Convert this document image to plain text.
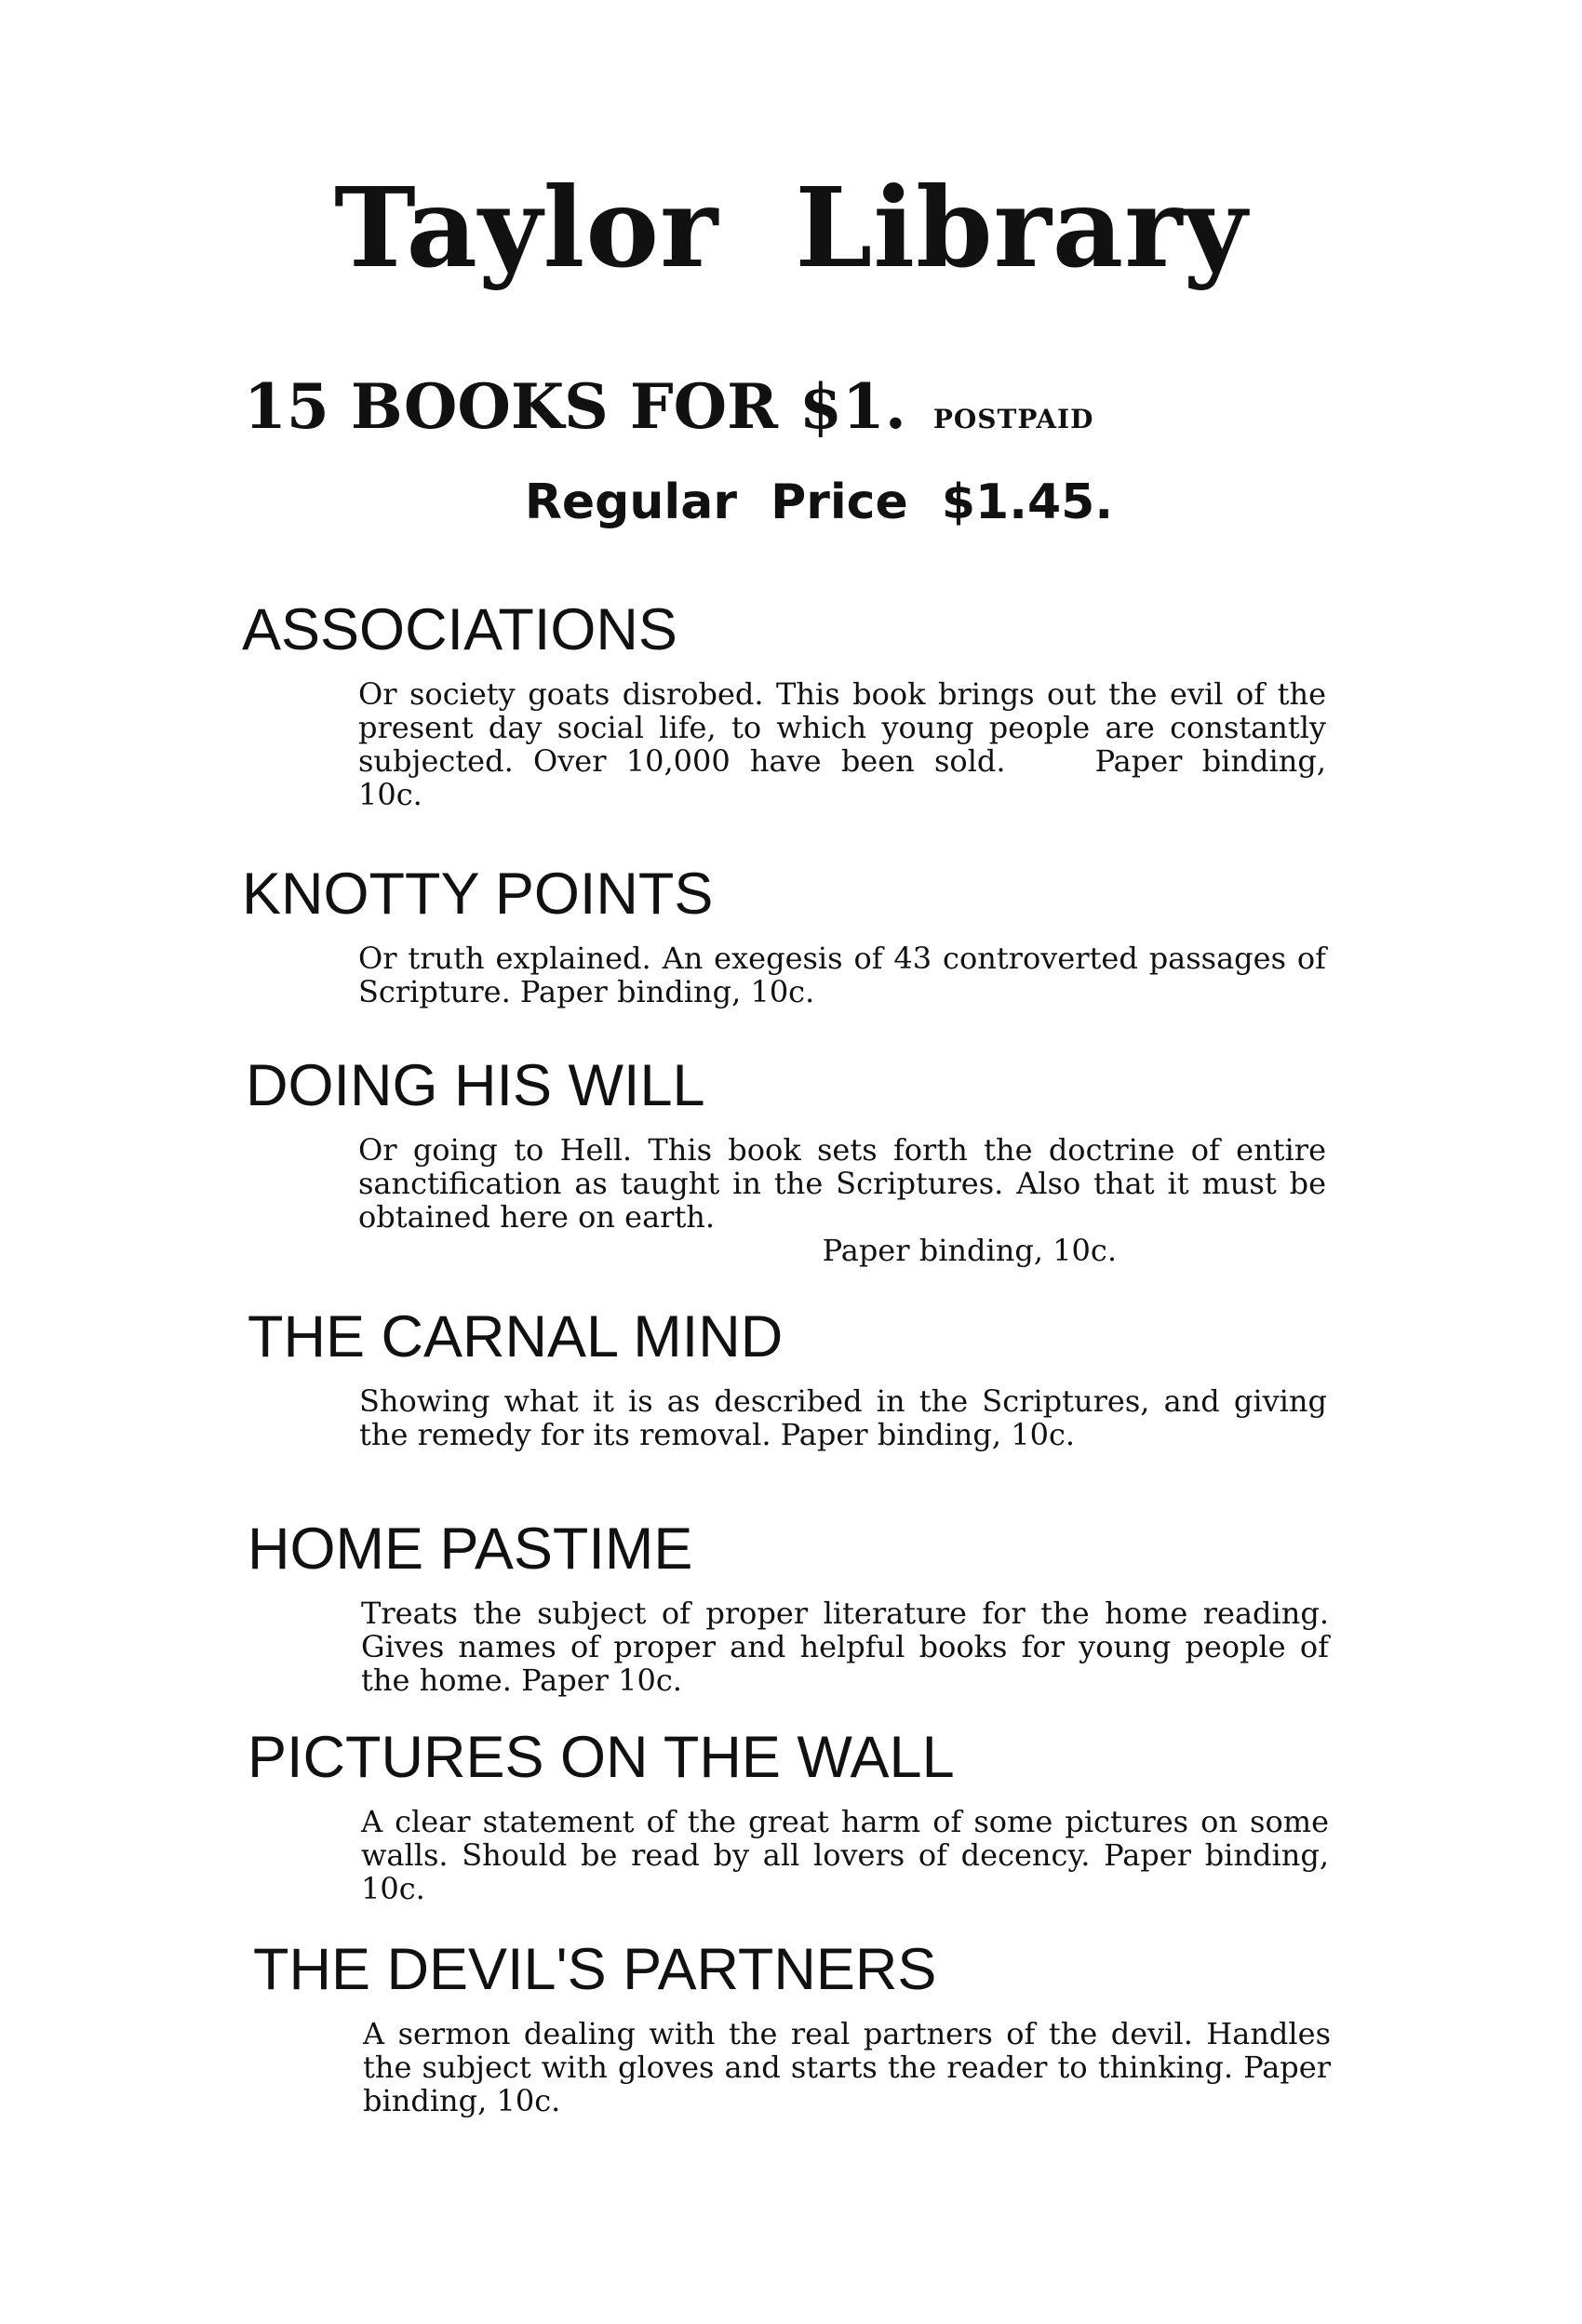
Taylor Library
15 BOOKS FOR $1. POSTPAID
Regular Price $1.45.
ASSOCIATIONS

Or society goats disrobed. This book brings out the evil of the present day social life, to which young people are constantly subjected. Over 10,000 have been sold.   Paper binding, 10c.

KNOTTY POINTS

Or truth explained. An exegesis of 43 controverted passages of Scripture. Paper binding, 10c.

DOING HIS WILL

Or going to Hell. This book sets forth the doctrine of entire sanctification as taught in the Scriptures. Also that it must be obtained here on earth.
Paper binding, 10c.

THE CARNAL MIND

Showing what it is as described in the Scriptures, and giving the remedy for its removal. Paper binding, 10c.

HOME PASTIME

Treats the subject of proper literature for the home reading. Gives names of proper and helpful books for young people of the home. Paper 10c.

PICTURES ON THE WALL

A clear statement of the great harm of some pictures on some walls. Should be read by all lovers of decency. Paper binding, 10c.

THE DEVIL'S PARTNERS

A sermon dealing with the real partners of the devil. Handles the subject with gloves and starts the reader to thinking. Paper binding, 10c.
